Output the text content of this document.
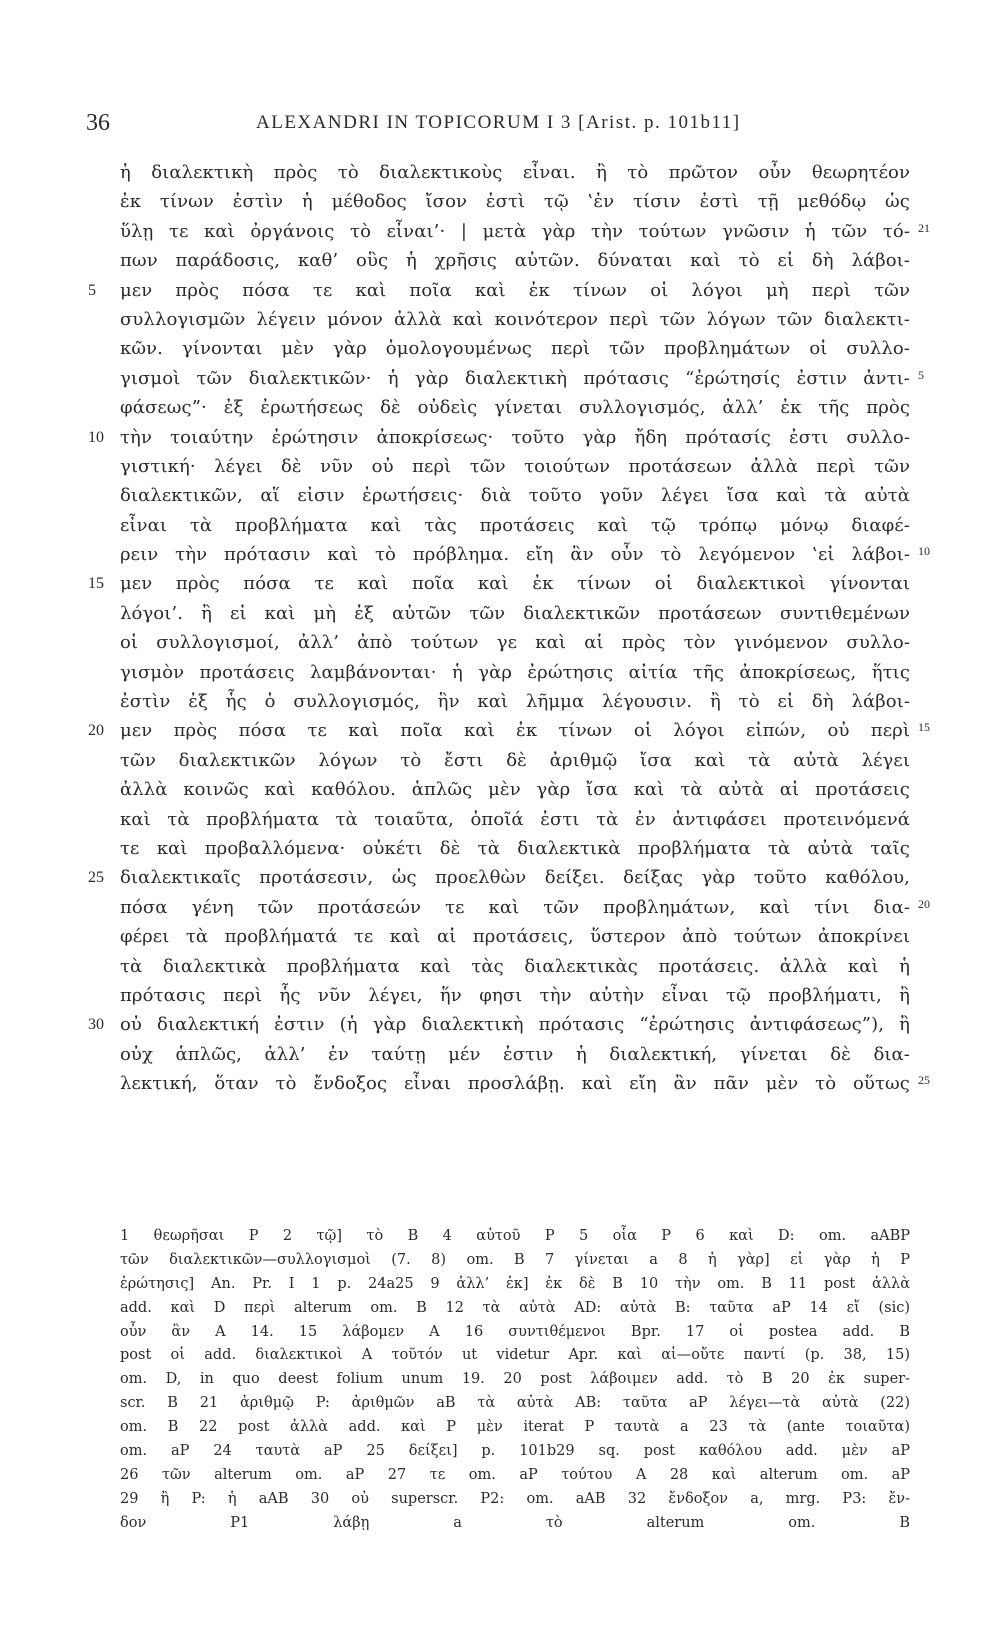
36	ALEXANDRI IN TOPICORUM I 3 [Arist. p. 101b11]
ἡ διαλεκτικὴ πρὸς τὸ διαλεκτικοὺς εἶναι. ἢ τὸ πρῶτον οὖν θεωρητέον
ἐκ τίνων ἐστὶν ἡ μέθοδος ἴσον ἐστὶ τῷ ‛ἐν τίσιν ἐστὶ τῇ μεθόδῳ ὡς
ὕλῃ τε καὶ ὀργάνοις τὸ εἶναι’· | μετὰ γὰρ τὴν τούτων γνῶσιν ἡ τῶν τό- 21
πων παράδοσις, καθ’ οὓς ἡ χρῆσις αὐτῶν. δύναται καὶ τὸ εἰ δὴ λάβοι-
5	μεν πρὸς πόσα τε καὶ ποῖα καὶ ἐκ τίνων οἱ λόγοι μὴ περὶ τῶν
συλλογισμῶν λέγειν μόνον ἀλλὰ καὶ κοινότερον περὶ τῶν λόγων τῶν διαλεκτι-
κῶν. γίνονται μὲν γὰρ ὁμολογουμένως περὶ τῶν προβλημάτων οἱ συλλο-
γισμοὶ τῶν διαλεκτικῶν· ἡ γὰρ διαλεκτικὴ πρότασις “ἐρώτησίς ἐστιν ἀντι- 5
φάσεως”· ἐξ ἐρωτήσεως δὲ οὐδεὶς γίνεται συλλογισμός, ἀλλ’ ἐκ τῆς πρὸς
10 τὴν τοιαύτην ἐρώτησιν ἀποκρίσεως· τοῦτο γὰρ ἤδη πρότασίς ἐστι συλλο-
γιστική· λέγει δὲ νῦν οὐ περὶ τῶν τοιούτων προτάσεων ἀλλὰ περὶ τῶν
διαλεκτικῶν, αἵ εἰσιν ἐρωτήσεις· διὰ τοῦτο γοῦν λέγει ἴσα καὶ τὰ αὐτὰ
εἶναι τὰ προβλήματα καὶ τὰς προτάσεις καὶ τῷ τρόπῳ μόνῳ διαφέ-
ρειν τὴν πρότασιν καὶ τὸ πρόβλημα. εἴη ἂν οὖν τὸ λεγόμενον ‛εἰ λάβοι- 10
15 μεν πρὸς πόσα τε καὶ ποῖα καὶ ἐκ τίνων οἱ διαλεκτικοὶ γίνονται
λόγοι’. ἢ εἰ καὶ μὴ ἐξ αὐτῶν τῶν διαλεκτικῶν προτάσεων συντιθεμένων
οἱ συλλογισμοί, ἀλλ’ ἀπὸ τούτων γε καὶ αἱ πρὸς τὸν γινόμενον συλλο-
γισμὸν προτάσεις λαμβάνονται· ἡ γὰρ ἐρώτησις αἰτία τῆς ἀποκρίσεως, ἥτις
ἐστὶν ἐξ ἧς ὁ συλλογισμός, ἣν καὶ λῆμμα λέγουσιν. ἢ τὸ εἰ δὴ λάβοι-
20 μεν πρὸς πόσα τε καὶ ποῖα καὶ ἐκ τίνων οἱ λόγοι εἰπών, οὐ περὶ 15
τῶν διαλεκτικῶν λόγων τὸ ἔστι δὲ ἀριθμῷ ἴσα καὶ τὰ αὐτὰ λέγει
ἀλλὰ κοινῶς καὶ καθόλου. ἁπλῶς μὲν γὰρ ἴσα καὶ τὰ αὐτὰ αἱ προτάσεις
καὶ τὰ προβλήματα τὰ τοιαῦτα, ὁποῖά ἐστι τὰ ἐν ἀντιφάσει προτεινόμενά
τε καὶ προβαλλόμενα· οὐκέτι δὲ τὰ διαλεκτικὰ προβλήματα τὰ αὐτὰ ταῖς
25 διαλεκτικαῖς προτάσεσιν, ὡς προελθὼν δείξει. δείξας γὰρ τοῦτο καθόλου,
πόσα γένη τῶν προτάσεών τε καὶ τῶν προβλημάτων, καὶ τίνι δια- 20
φέρει τὰ προβλήματά τε καὶ αἱ προτάσεις, ὕστερον ἀπὸ τούτων ἀποκρίνει
τὰ διαλεκτικὰ προβλήματα καὶ τὰς διαλεκτικὰς προτάσεις. ἀλλὰ καὶ ἡ
πρότασις περὶ ἧς νῦν λέγει, ἥν φησι τὴν αὐτὴν εἶναι τῷ προβλήματι, ἢ
30 οὐ διαλεκτική ἐστιν (ἡ γὰρ διαλεκτικὴ πρότασις “ἐρώτησις ἀντιφάσεως”), ἢ
οὐχ ἁπλῶς, ἀλλ’ ἐν ταύτῃ μέν ἐστιν ἡ διαλεκτική, γίνεται δὲ δια-
λεκτική, ὅταν τὸ ἔνδοξος εἶναι προσλάβῃ. καὶ εἴη ἂν πᾶν μὲν τὸ οὕτως 25
1 θεωρῆσαι P 2 τῷ] τὸ B 4 αὐτοῦ P 5 οἷα P 6 καὶ D: om. aABP
τῶν διαλεκτικῶν—συλλογισμοὶ (7. 8) om. B 7 γίνεται a 8 ἡ γὰρ] εἰ γὰρ ἡ P
ἐρώτησις] An. Pr. I 1 p. 24a25 9 ἀλλ’ ἐκ] ἐκ δὲ B 10 τὴν om. B 11 post ἀλλὰ
add. καὶ D περὶ alterum om. B 12 τὰ αὐτὰ AD: αὐτὰ B: ταῦτα aP 14 εἴ (sic)
οὖν ἂν A 14. 15 λάβομεν A 16 συντιθέμενοι Bpr. 17 οἱ postea add. B
post οἱ add. διαλεκτικοὶ A τοῦτόν ut videtur Apr. καὶ αἱ—οὔτε παντί (p. 38, 15)
om. D, in quo deest folium unum 19. 20 post λάβοιμεν add. τὸ B 20 ἐκ super-
scr. B 21 ἀριθμῷ P: ἀριθμῶν aB τὰ αὐτὰ AB: ταῦτα aP λέγει—τὰ αὐτὰ (22)
om. B 22 post ἀλλὰ add. καὶ P μὲν iterat P ταυτὰ a 23 τὰ (ante τοιαῦτα)
om. aP 24 ταυτὰ aP 25 δείξει] p. 101b29 sq. post καθόλου add. μὲν aP
26 τῶν alterum om. aP 27 τε om. aP τούτου A 28 καὶ alterum om. aP
29 ἢ P: ἡ aAB 30 οὐ superscr. P2: om. aAB 32 ἔνδοξον a, mrg. P3: ἔν-
δον P1 λάβῃ a τὸ alterum om. B
